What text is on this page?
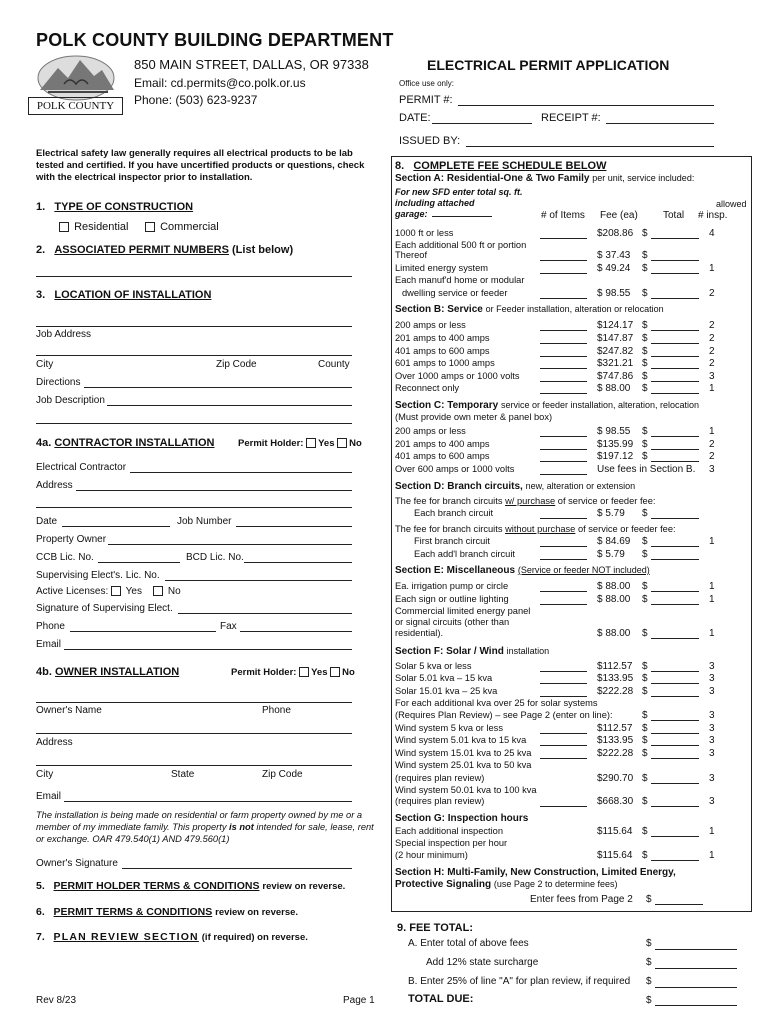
POLK COUNTY BUILDING DEPARTMENT
POLK COUNTY
850 MAIN STREET, DALLAS, OR 97338
Email: cd.permits@co.polk.or.us
Phone: (503) 623-9237
ELECTRICAL PERMIT APPLICATION
Office use only:
PERMIT #:
DATE:	RECEIPT #:
ISSUED BY:
Electrical safety law generally requires all electrical products to be lab tested and certified. If you have uncertified products or questions, check with the electrical inspector prior to installation.
1. TYPE OF CONSTRUCTION
Residential	Commercial
2. ASSOCIATED PERMIT NUMBERS (List below)
3. LOCATION OF INSTALLATION
Job Address
City	Zip Code	County
Directions
Job Description
4a. CONTRACTOR INSTALLATION Permit Holder: Yes No
Electrical Contractor
Address
Date	Job Number
Property Owner
CCB Lic. No.	BCD Lic. No.
Supervising Elect's. Lic. No.
Active Licenses: Yes	No
Signature of Supervising Elect.
Phone	Fax
Email
4b. OWNER INSTALLATION	Permit Holder: Yes No
Owner's Name	Phone
Address
City	State	Zip Code
Email
The installation is being made on residential or farm property owned by me or a member of my immediate family. This property is not intended for sale, lease, rent or exchange. OAR 479.540(1) AND 479.560(1)
Owner's Signature
5. PERMIT HOLDER TERMS & CONDITIONS review on reverse.
6. PERMIT TERMS & CONDITIONS review on reverse.
7. PLAN REVIEW SECTION (if required) on reverse.
Rev 8/23	Page 1
8. COMPLETE FEE SCHEDULE BELOW
Section A: Residential-One & Two Family per unit, service included:
For new SFD enter total sq. ft.
including attached
garage:
allowed
# of Items Fee (ea)	Total # insp.
1000 ft or less	$208.86 $	4
Each additional 500 ft or portion
Thereof	$ 37.43 $
Limited energy system	$ 49.24 $	1
Each manuf'd home or modular
dwelling service or feeder	$ 98.55 $	2
Section B: Service or Feeder installation, alteration or relocation
200 amps or less	$124.17 $	2
201 amps to 400 amps	$147.87 $	2
401 amps to 600 amps	$247.82 $	2
601 amps to 1000 amps	$321.21 $	2
Over 1000 amps or 1000 volts	$747.86 $	3
Reconnect only	$ 88.00 $	1
Section C: Temporary service or feeder installation, alteration, relocation
(Must provide own meter & panel box)
200 amps or less	$ 98.55 $	1
201 amps to 400 amps	$135.99 $	2
401 amps to 600 amps	$197.12 $	2
Over 600 amps or 1000 volts	Use fees in Section B. 3
Section D: Branch circuits, new, alteration or extension
The fee for branch circuits w/ purchase of service or feeder fee:
Each branch circuit	$ 5.79 $
The fee for branch circuits without purchase of service or feeder fee:
First branch circuit	$ 84.69 $	1
Each add'l branch circuit	$ 5.79 $
Section E: Miscellaneous (Service or feeder NOT included)
Ea. irrigation pump or circle	$ 88.00 $	1
Each sign or outline lighting	$ 88.00 $	1
Commercial limited energy panel
or signal circuits (other than
residential).	$ 88.00 $	1
Section F: Solar / Wind installation
Solar 5 kva or less	$112.57 $	3
Solar 5.01 kva – 15 kva	$133.95 $	3
Solar 15.01 kva – 25 kva	$222.28 $	3
For each additional kva over 25 for solar systems
(Requires Plan Review) – see Page 2 (enter on line):	$	3
Wind system 5 kva or less	$112.57 $	3
Wind system 5.01 kva to 15 kva	$133.95 $	3
Wind system 15.01 kva to 25 kva	$222.28 $	3
Wind system 25.01 kva to 50 kva
(requires plan review)	$290.70 $	3
Wind system 50.01 kva to 100 kva
(requires plan review)	$668.30 $	3
Section G: Inspection hours
Each additional inspection	$115.64 $	1
Special inspection per hour
(2 hour minimum)	$115.64 $	1
Section H: Multi-Family, New Construction, Limited Energy,
Protective Signaling (use Page 2 to determine fees)
Enter fees from Page 2 $
9. FEE TOTAL:
A. Enter total of above fees	$
Add 12% state surcharge	$
B. Enter 25% of line "A" for plan review, if required $
TOTAL DUE:	$
